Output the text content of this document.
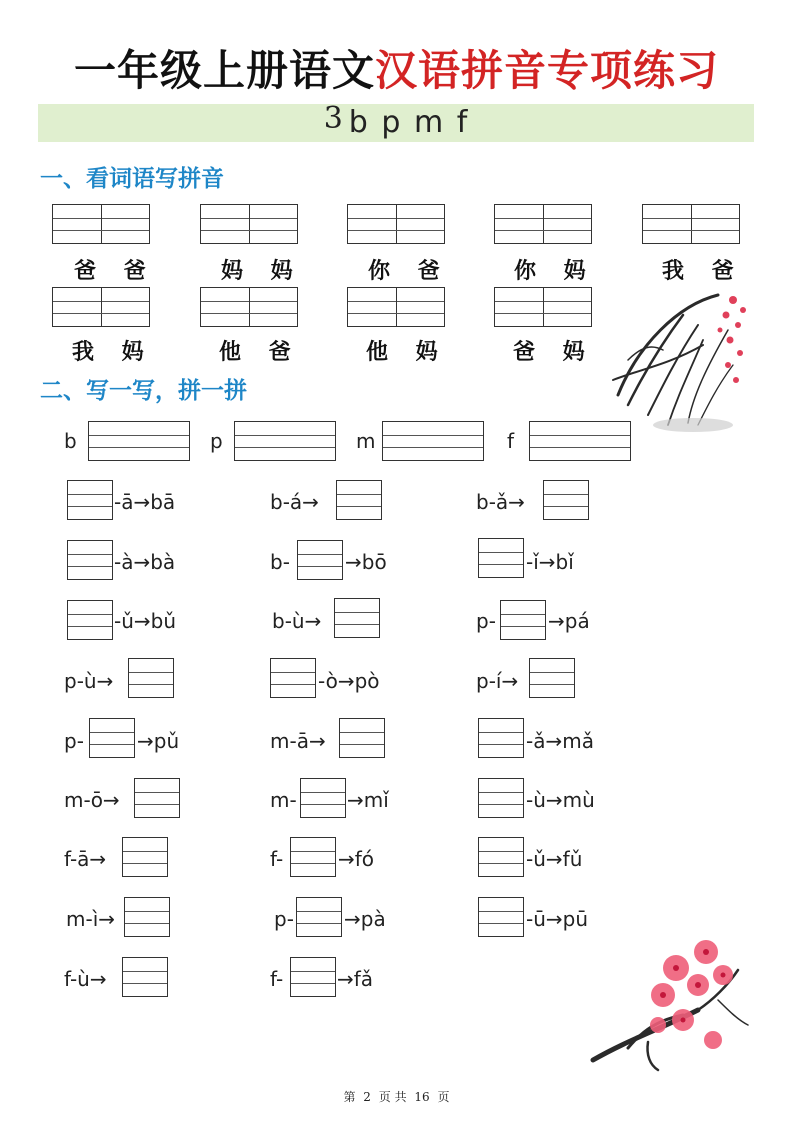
一年级上册语文汉语拼音专项练习
3 b p m f
一、看词语写拼音
爸 爸	妈 妈	你 爸	你 妈	我 爸
我 妈	他 爸	他 妈	爸 妈
二、写一写，拼一拼
b	p	m	f
-ā→bā	b-á→	b-ǎ→
-à→bà	b-	→bō	-ǐ→bǐ
-ǔ→bǔ	b-ù→	p-	→pá
p-ù→	-ò→pò	p-í→
p-	→pǔ	m-ā→	-ǎ→mǎ
m-ō→	m-	→mǐ	-ù→mù
f-ā→	f-	→fó	-ǔ→fǔ
m-ì→	p-	→pà	-ū→pū
f-ù→	f-	→fǎ
第 2 页 共 16 页
